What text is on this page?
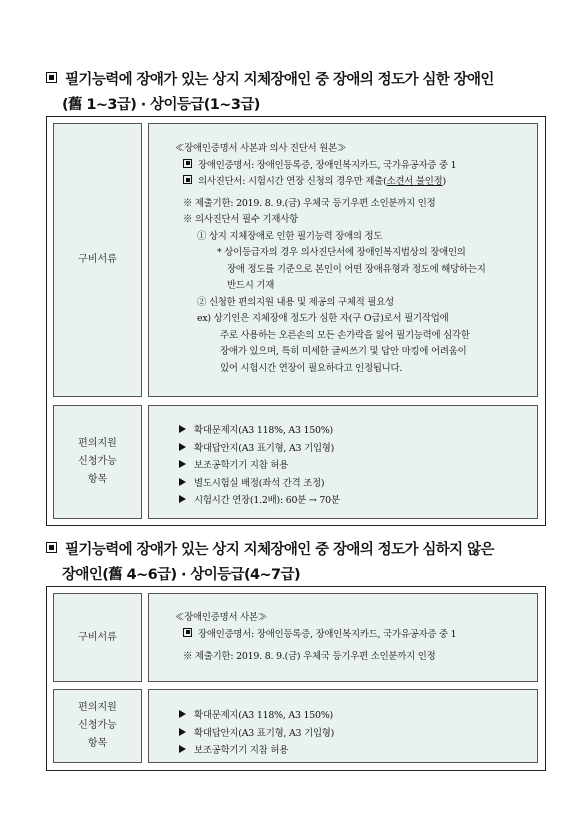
필기능력에 장애가 있는 상지 지체장애인 중 장애의 정도가 심한 장애인
(舊 1~3급) · 상이등급(1~3급)
구비서류
≪장애인증명서 사본과 의사 진단서 원본≫
장애인증명서: 장애인등록증, 장애인복지카드, 국가유공자증 중 1
의사진단서: 시험시간 연장 신청의 경우만 제출(소견서 불인정)
※ 제출기한: 2019. 8. 9.(금) 우체국 등기우편 소인분까지 인정
※ 의사진단서 필수 기재사항
① 상지 지체장애로 인한 필기능력 장애의 정도
* 상이등급자의 경우 의사진단서에 장애인복지법상의 장애인의
장애 정도를 기준으로 본인이 어떤 장애유형과 정도에 해당하는지
반드시 기재
② 신청한 편의지원 내용 및 제공의 구체적 필요성
ex) 상기인은 지체장애 정도가 심한 자(구 O급)로서 필기작업에
주로 사용하는 오른손의 모든 손가락을 잃어 필기능력에 심각한
장애가 있으며, 특히 미세한 글씨쓰기 및 답안 마킹에 어려움이
있어 시험시간 연장이 필요하다고 인정됩니다.
편의지원
신청가능
항목
확대문제지(A3 118%, A3 150%)
확대답안지(A3 표기형, A3 기입형)
보조공학기기 지참 허용
별도시험실 배정(좌석 간격 조정)
시험시간 연장(1.2배): 60분 → 70분
필기능력에 장애가 있는 상지 지체장애인 중 장애의 정도가 심하지 않은
장애인(舊 4~6급) · 상이등급(4~7급)
구비서류
≪장애인증명서 사본≫
장애인증명서: 장애인등록증, 장애인복지카드, 국가유공자증 중 1
※ 제출기한: 2019. 8. 9.(금) 우체국 등기우편 소인분까지 인정
편의지원
신청가능
항목
확대문제지(A3 118%, A3 150%)
확대답안지(A3 표기형, A3 기입형)
보조공학기기 지참 허용
